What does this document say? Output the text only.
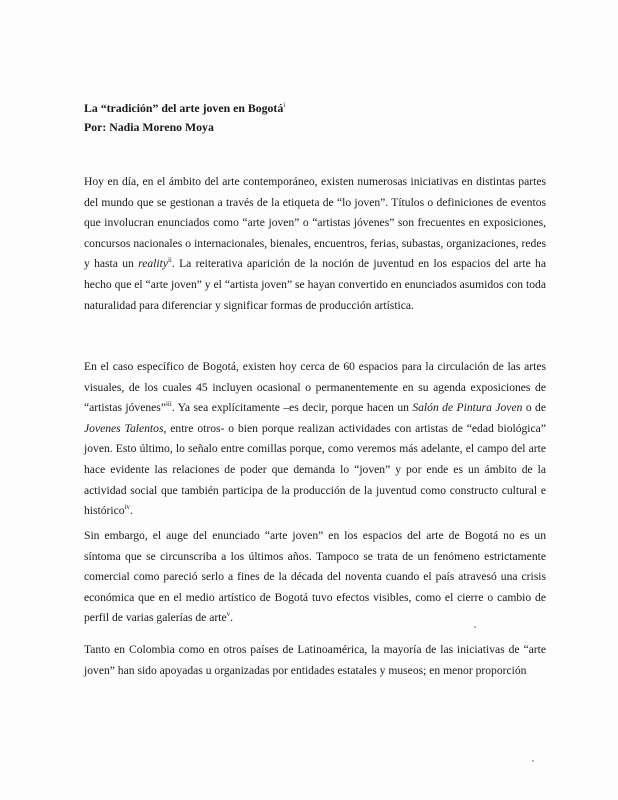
La “tradición” del arte joven en Bogotá$^i$
Por: Nadia Moreno Moya
Hoy en día, en el ámbito del arte contemporáneo, existen numerosas iniciativas en distintas partes del mundo que se gestionan a través de la etiqueta de “lo joven”. Títulos o definiciones de eventos que involucran enunciados como “arte joven” o “artistas jóvenes” son frecuentes en exposiciones, concursos nacionales o internacionales, bienales, encuentros, ferias, subastas, organizaciones, redes y hasta un reality$^{ii}$. La reiterativa aparición de la noción de juventud en los espacios del arte ha hecho que el “arte joven” y el “artista joven” se hayan convertido en enunciados asumidos con toda naturalidad para diferenciar y significar formas de producción artística.
En el caso específico de Bogotá, existen hoy cerca de 60 espacios para la circulación de las artes visuales, de los cuales 45 incluyen ocasional o permanentemente en su agenda exposiciones de “artistas jóvenes”$^{iii}$. Ya sea explícitamente –es decir, porque hacen un Salón de Pintura Joven o de Jovenes Talentos, entre otros- o bien porque realizan actividades con artistas de “edad biológica” joven. Esto último, lo señalo entre comillas porque, como veremos más adelante, el campo del arte hace evidente las relaciones de poder que demanda lo “joven” y por ende es un ámbito de la actividad social que también participa de la producción de la juventud como constructo cultural e histórico$^{iv}$.
Sin embargo, el auge del enunciado “arte joven” en los espacios del arte de Bogotá no es un síntoma que se circunscriba a los últimos años. Tampoco se trata de un fenómeno estrictamente comercial como pareció serlo a fines de la década del noventa cuando el país atravesó una crisis económica que en el medio artístico de Bogotá tuvo efectos visibles, como el cierre o cambio de perfil de varias galerías de arte$^v$.
Tanto en Colombia como en otros países de Latinoamérica, la mayoría de las iniciativas de “arte joven” han sido apoyadas u organizadas por entidades estatales y museos; en menor proporción
